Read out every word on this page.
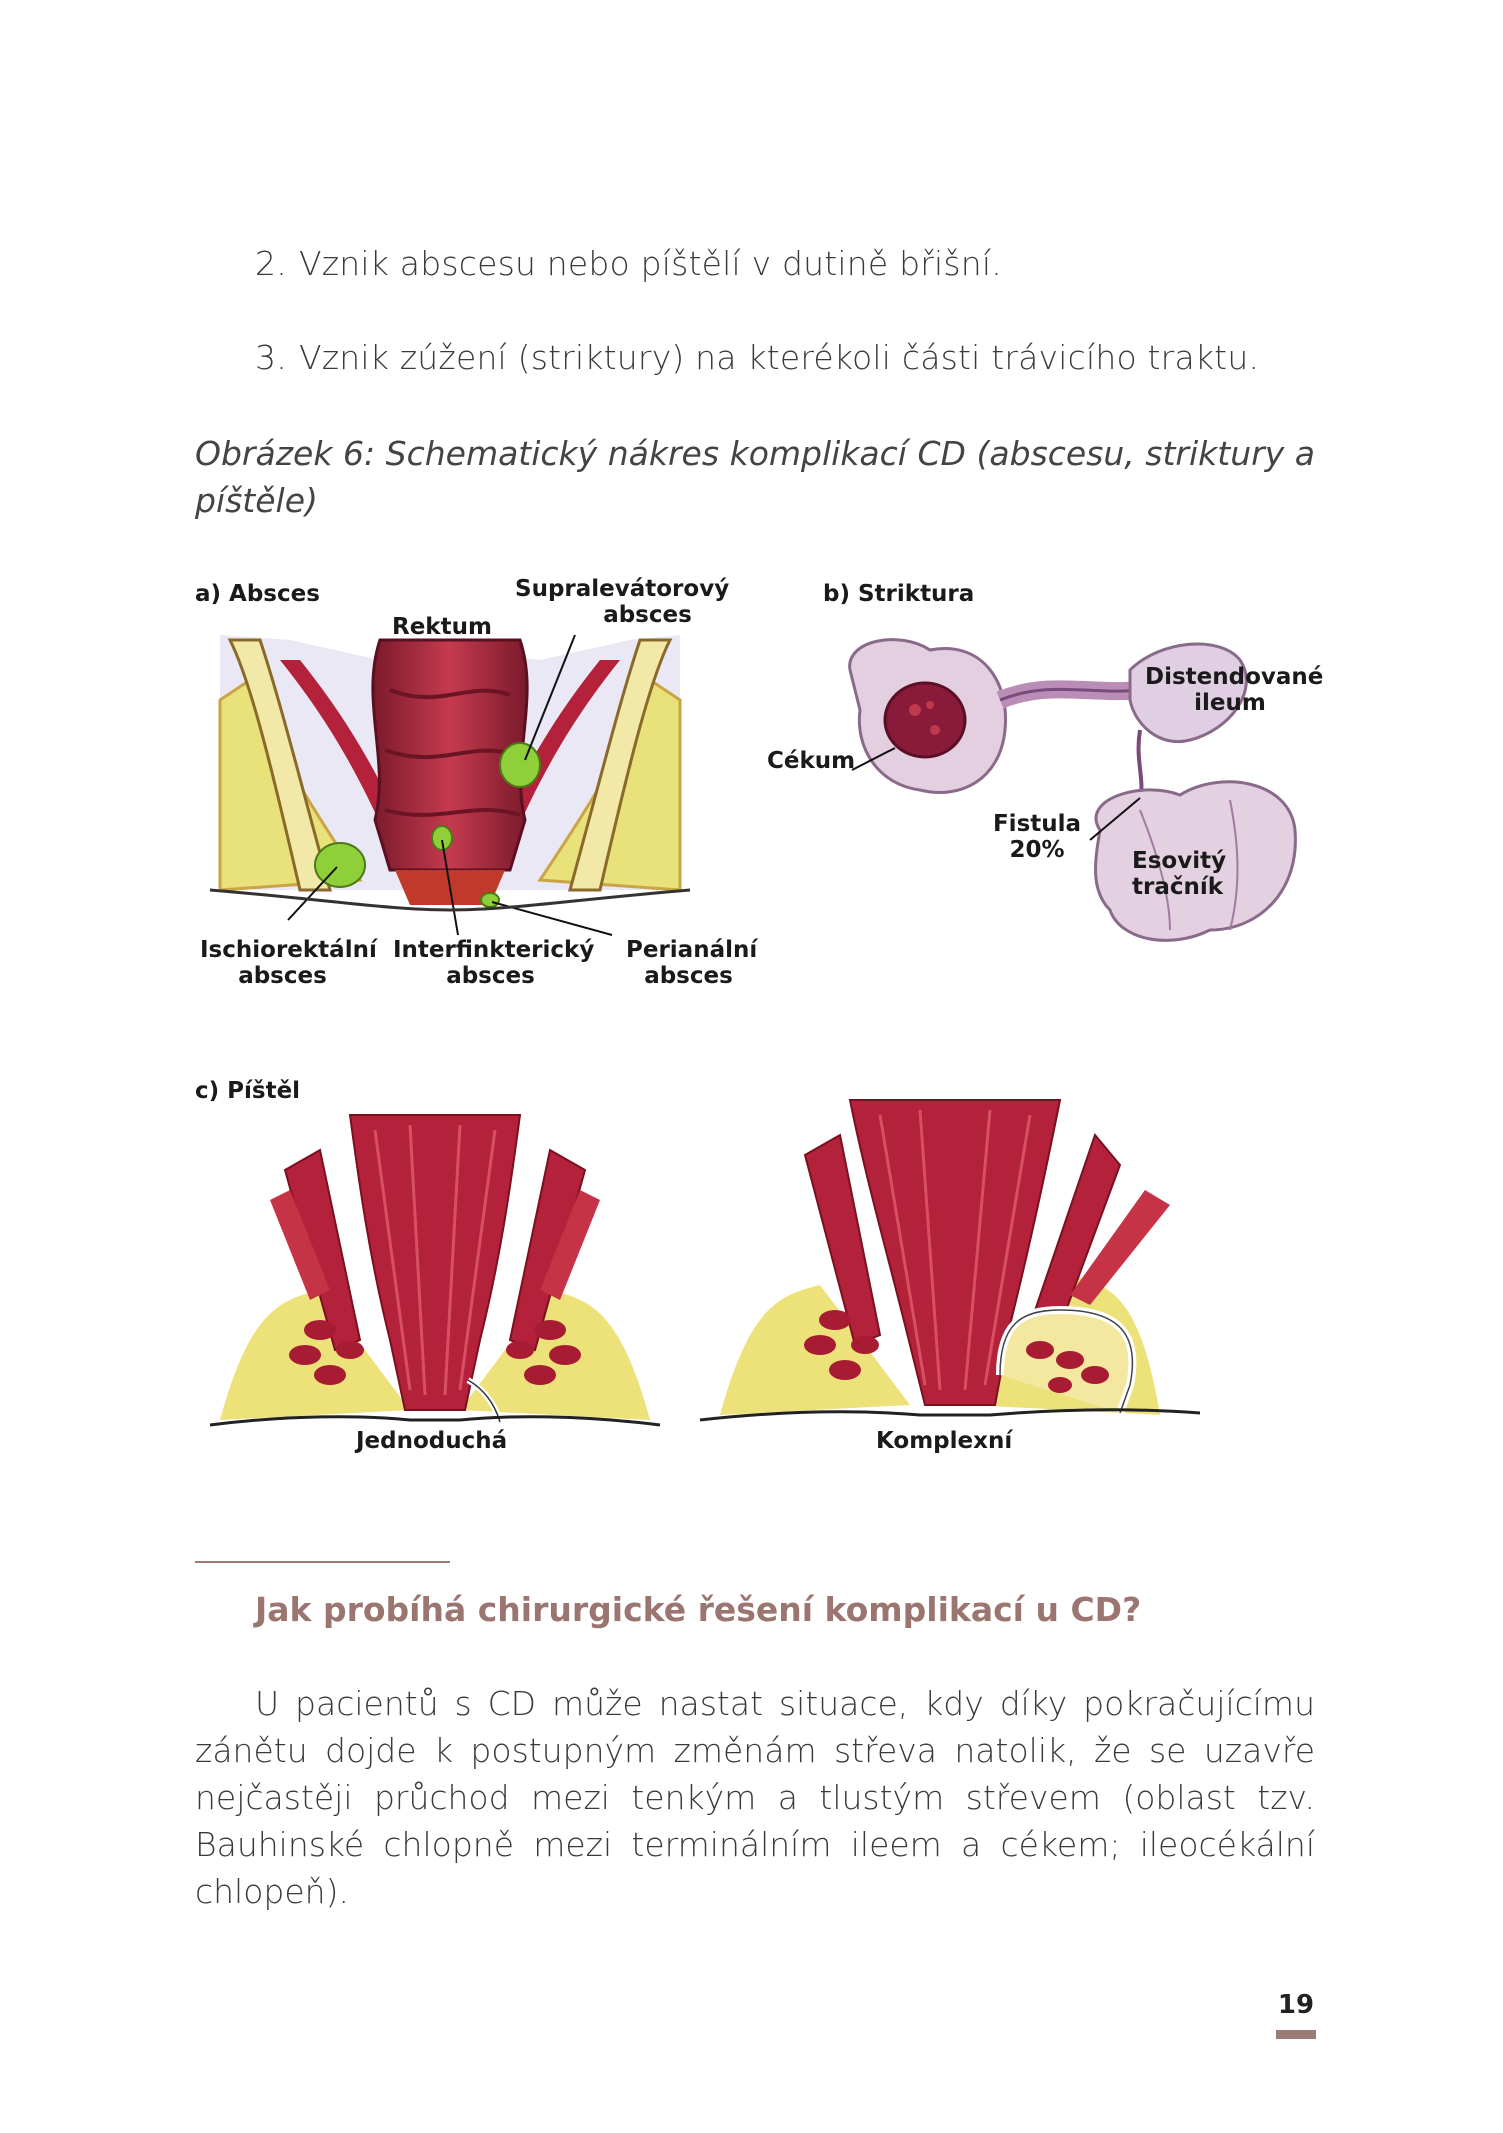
2. Vznik abscesu nebo píštělí v dutině břišní.
3. Vznik zúžení (striktury) na kterékoli části trávicího traktu.
Obrázek 6: Schematický nákres komplikací CD (abscesu, striktury a píštěle)
a) Absces
Rektum
Supralevátorový
absces
Ischiorektální
absces
Interfinkterický
absces
Perianální
absces
b) Striktura
Cékum
Distendované
ileum
Fistula
20%	Esovitý
tračník
c) Píštěl
Jednoduchá	Komplexní
Jak probíhá chirurgické řešení komplikací u CD?
U pacientů s CD může nastat situace, kdy díky pokračujícímu zánětu dojde k postupným změnám střeva natolik, že se uzavře nejčastěji průchod mezi tenkým a tlustým střevem (oblast tzv. Bauhinské chlopně mezi terminálním ileem a cékem; ileocékální chlopeň).
19
